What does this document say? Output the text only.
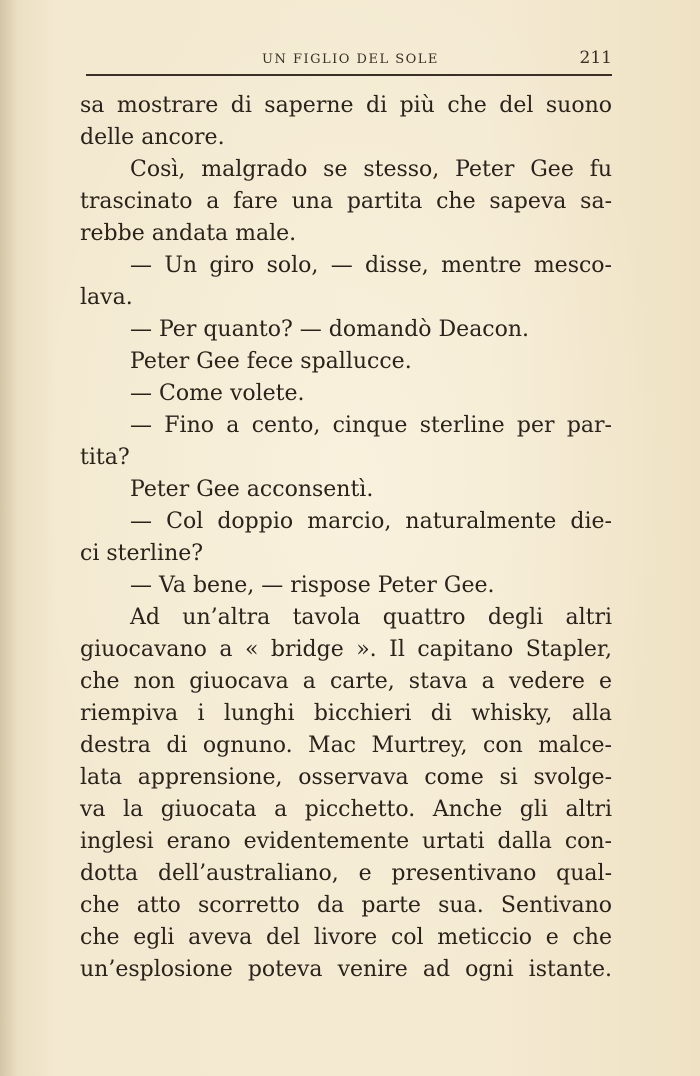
UN FIGLIO DEL SOLE	211
sa mostrare di saperne di più che del suono
delle ancore.
Così, malgrado se stesso, Peter Gee fu
trascinato a fare una partita che sapeva sa-
rebbe andata male.
— Un giro solo, — disse, mentre mesco-
lava.
— Per quanto? — domandò Deacon.
Peter Gee fece spallucce.
— Come volete.
— Fino a cento, cinque sterline per par-
tita?
Peter Gee acconsentì.
— Col doppio marcio, naturalmente die-
ci sterline?
— Va bene, — rispose Peter Gee.
Ad un’altra tavola quattro degli altri
giuocavano a « bridge ». Il capitano Stapler,
che non giuocava a carte, stava a vedere e
riempiva i lunghi bicchieri di whisky, alla
destra di ognuno. Mac Murtrey, con malce-
lata apprensione, osservava come si svolge-
va la giuocata a picchetto. Anche gli altri
inglesi erano evidentemente urtati dalla con-
dotta dell’australiano, e presentivano qual-
che atto scorretto da parte sua. Sentivano
che egli aveva del livore col meticcio e che
un’esplosione poteva venire ad ogni istante.
